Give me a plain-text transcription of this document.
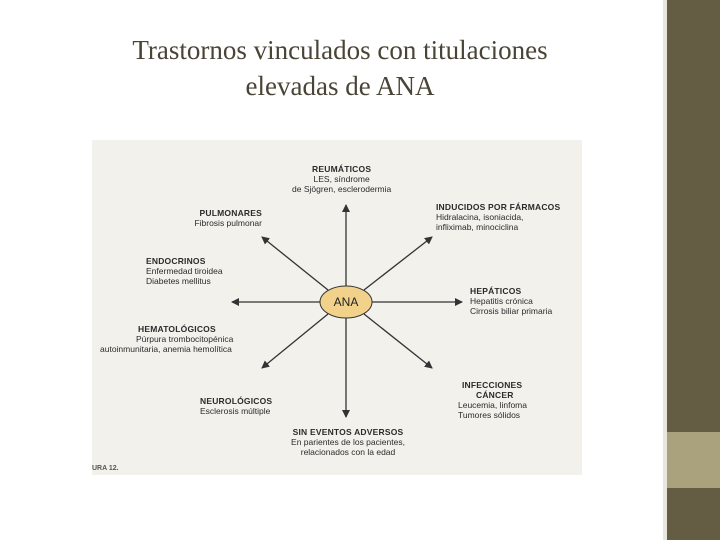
Trastornos vinculados con titulaciones
elevadas de ANA
ANA
REUMÁTICOS
LES, síndrome
de Sjögren, esclerodermia
INDUCIDOS POR FÁRMACOS
Hidralacina, isoniacida,
infliximab, minociclina
PULMONARES
Fibrosis pulmonar
ENDOCRINOS
Enfermedad tiroidea
Diabetes mellitus
HEPÁTICOS
Hepatitis crónica
Cirrosis biliar primaria
HEMATOLÓGICOS
Púrpura trombocitopénica
autoinmunitaria, anemia hemolítica
NEUROLÓGICOS
Esclerosis múltiple
INFECCIONES
CÁNCER
Leucemia, linfoma
Tumores sólidos
SIN EVENTOS ADVERSOS
En parientes de los pacientes,
relacionados con la edad
URA 12.
